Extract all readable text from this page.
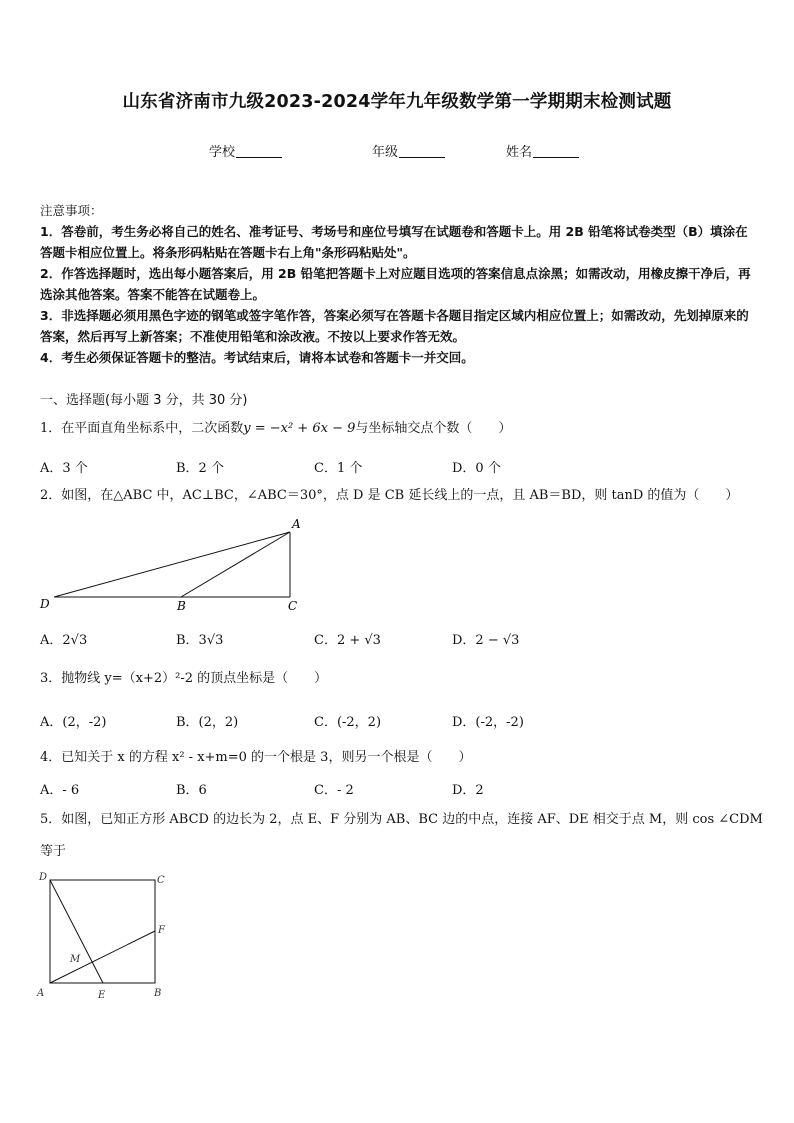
山东省济南市九级2023-2024学年九年级数学第一学期期末检测试题
学校	年级	姓名
注意事项：
1．答卷前，考生务必将自己的姓名、准考证号、考场号和座位号填写在试题卷和答题卡上。用 2B 铅笔将试卷类型（B）填涂在答题卡相应位置上。将条形码粘贴在答题卡右上角"条形码粘贴处"。
2．作答选择题时，选出每小题答案后，用 2B 铅笔把答题卡上对应题目选项的答案信息点涂黑；如需改动，用橡皮擦干净后，再选涂其他答案。答案不能答在试题卷上。
3．非选择题必须用黑色字迹的钢笔或签字笔作答，答案必须写在答题卡各题目指定区域内相应位置上；如需改动，先划掉原来的答案，然后再写上新答案；不准使用铅笔和涂改液。不按以上要求作答无效。
4．考生必须保证答题卡的整洁。考试结束后，请将本试卷和答题卡一并交回。
一、选择题(每小题 3 分，共 30 分)
1．在平面直角坐标系中，二次函数y = −x² + 6x − 9与坐标轴交点个数（　　）
A．3 个	B．2 个	C．1 个	D．0 个
2．如图，在△ABC 中，AC⊥BC，∠ABC＝30°，点 D 是 CB 延长线上的一点，且 AB＝BD，则 tanD 的值为（　　）
A
D	B	C
A．2√3	B．3√3	C．2 + √3	D．2 − √3
3．抛物线 y=（x+2）²-2 的顶点坐标是（　　）
A．(2，-2)	B．(2，2)	C．(-2，2)	D．(-2，-2)
4．已知关于 x 的方程 x² - x+m=0 的一个根是 3，则另一个根是（　　）
A．- 6	B．6	C．- 2	D．2
5．如图，已知正方形 ABCD 的边长为 2，点 E、F 分别为 AB、BC 边的中点，连接 AF、DE 相交于点 M，则 cos ∠CDM
等于
D	C
F
M
A	E	B
